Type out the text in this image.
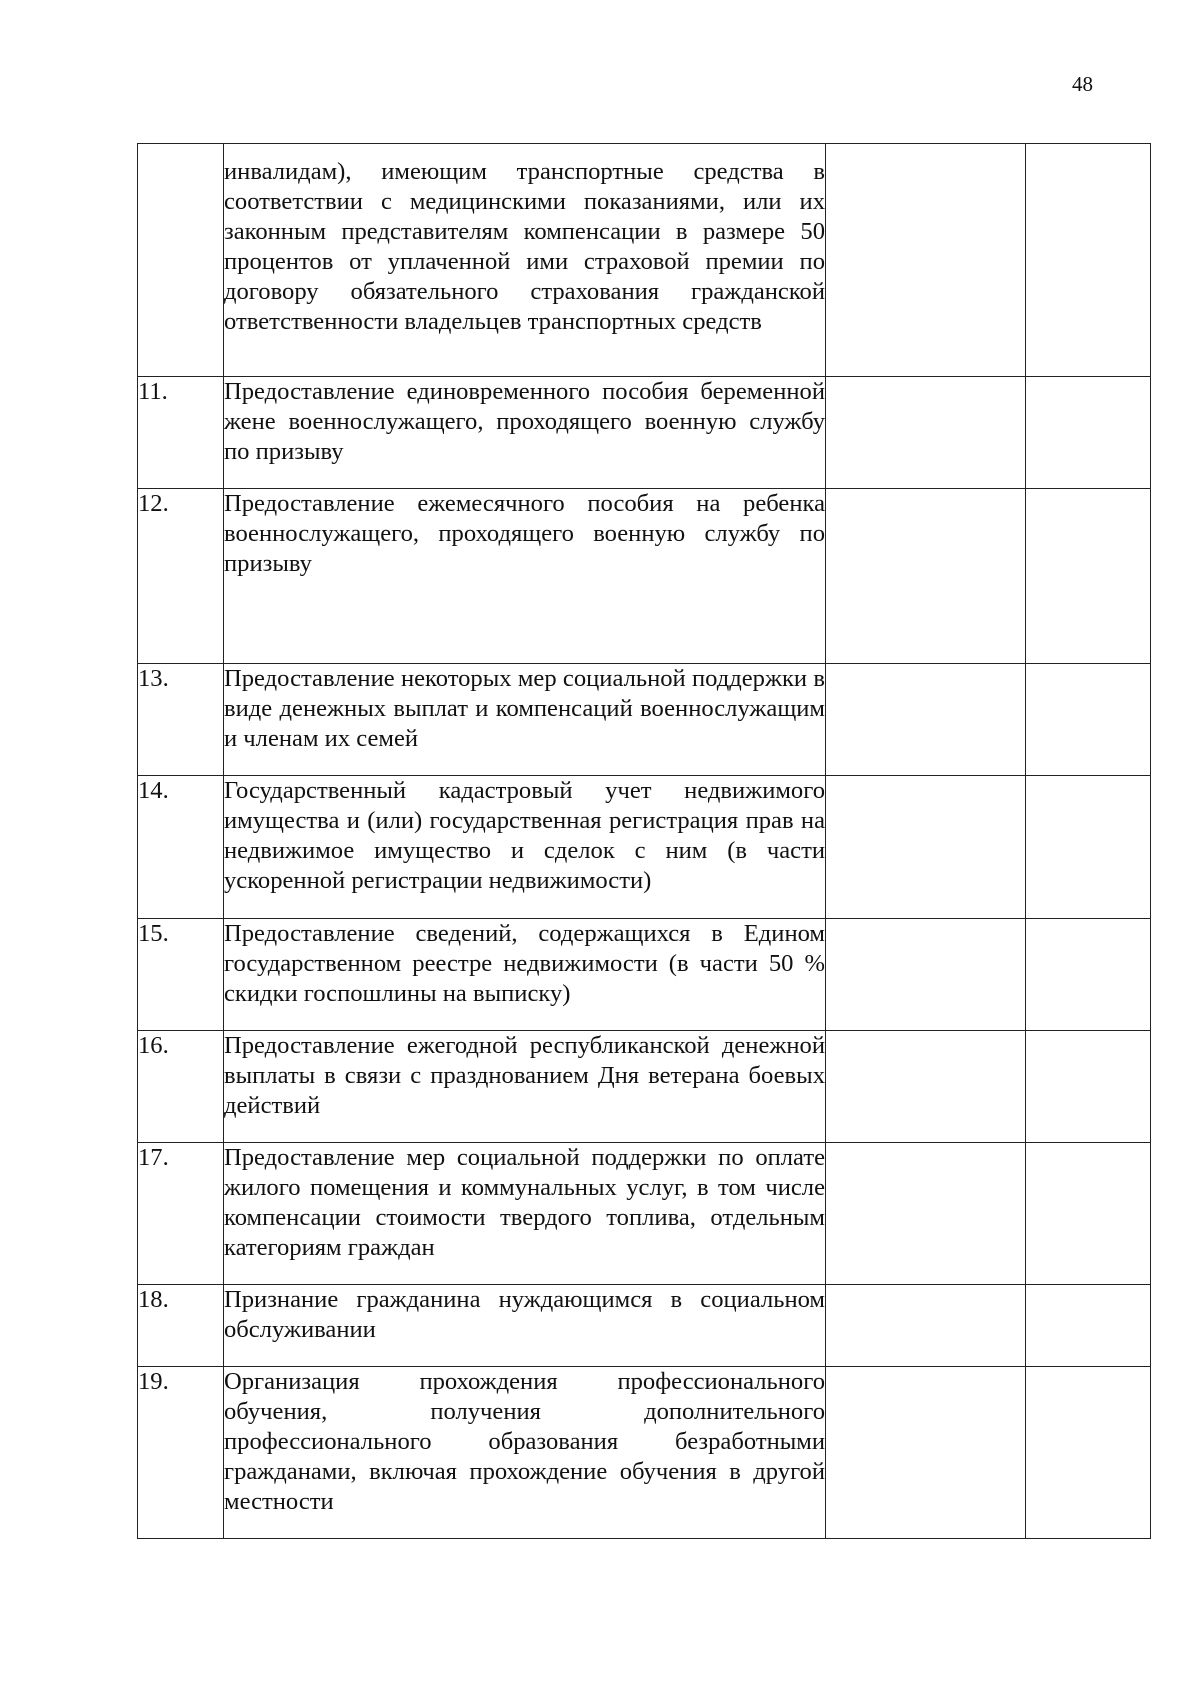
48
	инвалидам), имеющим транспортные средства в соответствии с медицинскими показаниями, или их законным представителям компенсации в размере 50 процентов от уплаченной ими страховой премии по договору обязательного страхования гражданской ответственности владельцев транспортных средств		
11.	Предоставление единовременного пособия беременной жене военнослужащего, проходящего военную службу по призыву		
12.	Предоставление ежемесячного пособия на ребенка военнослужащего, проходящего военную службу по призыву		
13.	Предоставление некоторых мер социальной поддержки в виде денежных выплат и компенсаций военнослужащим и членам их семей		
14.	Государственный кадастровый учет недвижимого имущества и (или) государственная регистрация прав на недвижимое имущество и сделок с ним (в части ускоренной регистрации недвижимости)		
15.	Предоставление сведений, содержащихся в Едином государственном реестре недвижимости (в части 50 % скидки госпошлины на выписку)		
16.	Предоставление ежегодной республиканской денежной выплаты в связи с празднованием Дня ветерана боевых действий		
17.	Предоставление мер социальной поддержки по оплате жилого помещения и коммунальных услуг, в том числе компенсации стоимости твердого топлива, отдельным категориям граждан		
18.	Признание гражданина нуждающимся в социальном обслуживании		
19.	Организация прохождения профессионального обучения, получения дополнительного профессионального образования безработными гражданами, включая прохождение обучения в другой местности		
